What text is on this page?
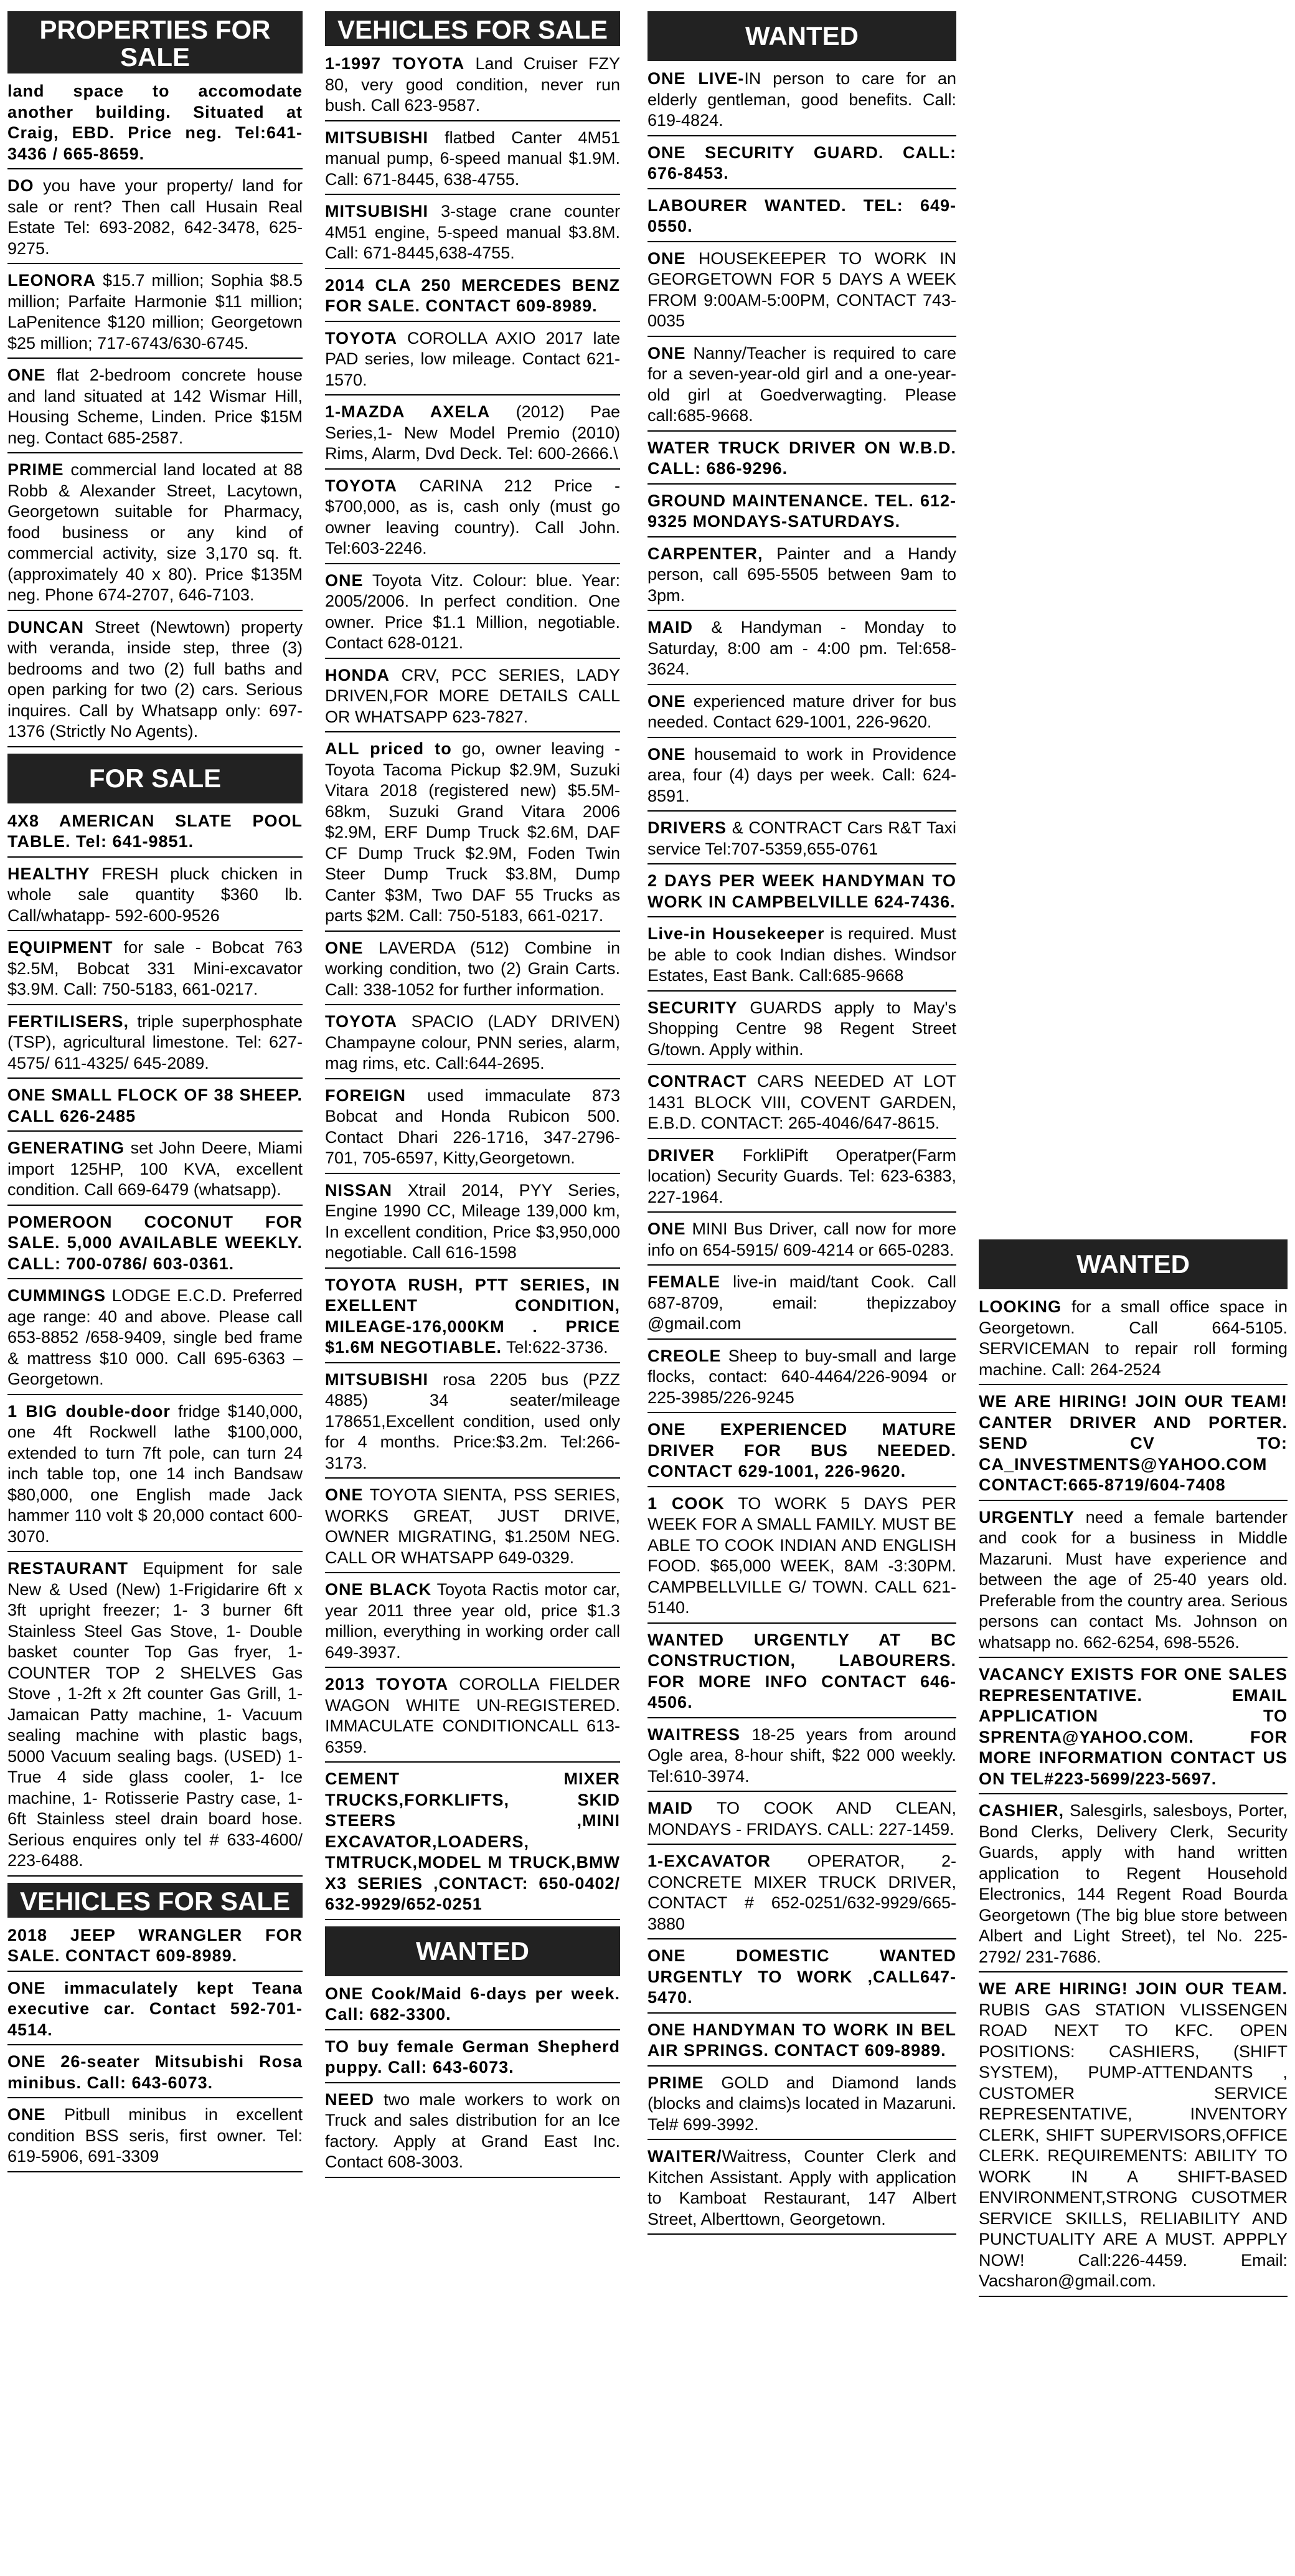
PROPERTIES FOR SALE
land space to accomodate another building. Situated at Craig, EBD. Price neg. Tel:641-3436 / 665-8659.
DO you have your property/ land for sale or rent? Then call Husain Real Estate Tel: 693-2082, 642-3478, 625-9275.
LEONORA $15.7 million; Sophia $8.5 million; Parfaite Harmonie $11 million; LaPenitence $120 million; Georgetown $25 million; 717-6743/630-6745.
ONE flat 2-bedroom concrete house and land situated at 142 Wismar Hill, Housing Scheme, Linden. Price $15M neg. Contact 685-2587.
PRIME commercial land located at 88 Robb & Alexander Street, Lacytown, Georgetown suitable for Pharmacy, food business or any kind of commercial activity, size 3,170 sq. ft. (approximately 40 x 80). Price $135M neg. Phone 674-2707, 646-7103.
DUNCAN Street (Newtown) property with veranda, inside step, three (3) bedrooms and two (2) full baths and open parking for two (2) cars. Serious inquires. Call by Whatsapp only: 697-1376 (Strictly No Agents).
FOR SALE
4X8 AMERICAN SLATE POOL TABLE. Tel: 641-9851.
HEALTHY FRESH pluck chicken in whole sale quantity $360 lb. Call/whatapp- 592-600-9526
EQUIPMENT for sale - Bobcat 763 $2.5M, Bobcat 331 Mini-excavator $3.9M. Call: 750-5183, 661-0217.
FERTILISERS, triple superphosphate (TSP), agricultural limestone. Tel: 627-4575/ 611-4325/ 645-2089.
ONE SMALL FLOCK OF 38 SHEEP. CALL 626-2485
GENERATING set John Deere, Miami import 125HP, 100 KVA, excellent condition. Call 669-6479 (whatsapp).
POMEROON COCONUT FOR SALE. 5,000 AVAILABLE WEEKLY. CALL: 700-0786/ 603-0361.
CUMMINGS LODGE E.C.D. Preferred age range: 40 and above. Please call 653-8852 /658-9409, single bed frame & mattress $10 000. Call 695-6363 – Georgetown.
1 BIG double-door fridge $140,000, one 4ft Rockwell lathe $100,000, extended to turn 7ft pole, can turn 24 inch table top, one 14 inch Bandsaw $80,000, one English made Jack hammer 110 volt $ 20,000 contact 600-3070.
RESTAURANT Equipment for sale New & Used (New) 1-Frigidarire 6ft x 3ft upright freezer; 1- 3 burner 6ft Stainless Steel Gas Stove, 1- Double basket counter Top Gas fryer, 1-COUNTER TOP 2 SHELVES Gas Stove , 1-2ft x 2ft counter Gas Grill, 1- Jamaican Patty machine, 1- Vacuum sealing machine with plastic bags, 5000 Vacuum sealing bags. (USED) 1-True 4 side glass cooler, 1- Ice machine, 1- Rotisserie Pastry case, 1- 6ft Stainless steel drain board hose. Serious enquires only tel # 633-4600/ 223-6488.
VEHICLES FOR SALE
2018 JEEP WRANGLER FOR SALE. CONTACT 609-8989.
ONE immaculately kept Teana executive car. Contact 592-701-4514.
ONE 26-seater Mitsubishi Rosa minibus. Call: 643-6073.
ONE Pitbull minibus in excellent condition BSS seris, first owner. Tel: 619-5906, 691-3309
VEHICLES FOR SALE
1-1997 TOYOTA Land Cruiser FZY 80, very good condition, never run bush. Call 623-9587.
MITSUBISHI flatbed Canter 4M51 manual pump, 6-speed manual $1.9M. Call: 671-8445, 638-4755.
MITSUBISHI 3-stage crane counter 4M51 engine, 5-speed manual $3.8M. Call: 671-8445,638-4755.
2014 CLA 250 MERCEDES BENZ FOR SALE. CONTACT 609-8989.
TOYOTA COROLLA AXIO 2017 late PAD series, low mileage. Contact 621-1570.
1-MAZDA AXELA (2012) Pae Series,1- New Model Premio (2010) Rims, Alarm, Dvd Deck. Tel: 600-2666.\
TOYOTA CARINA 212 Price - $700,000, as is, cash only (must go owner leaving country). Call John. Tel:603-2246.
ONE Toyota Vitz. Colour: blue. Year: 2005/2006. In perfect condition. One owner. Price $1.1 Million, negotiable. Contact 628-0121.
HONDA CRV, PCC SERIES, LADY DRIVEN,FOR MORE DETAILS CALL OR WHATSAPP 623-7827.
ALL priced to go, owner leaving - Toyota Tacoma Pickup $2.9M, Suzuki Vitara 2018 (registered new) $5.5M-68km, Suzuki Grand Vitara 2006 $2.9M, ERF Dump Truck $2.6M, DAF CF Dump Truck $2.9M, Foden Twin Steer Dump Truck $3.8M, Dump Canter $3M, Two DAF 55 Trucks as parts $2M. Call: 750-5183, 661-0217.
ONE LAVERDA (512) Combine in working condition, two (2) Grain Carts. Call: 338-1052 for further information.
TOYOTA SPACIO (LADY DRIVEN) Champayne colour, PNN series, alarm, mag rims, etc. Call:644-2695.
FOREIGN used immaculate 873 Bobcat and Honda Rubicon 500. Contact Dhari 226-1716, 347-2796-701, 705-6597, Kitty,Georgetown.
NISSAN Xtrail 2014, PYY Series, Engine 1990 CC, Mileage 139,000 km, In excellent condition, Price $3,950,000 negotiable. Call 616-1598
TOYOTA RUSH, PTT SERIES, IN EXELLENT CONDITION, MILEAGE-176,000KM . PRICE $1.6M NEGOTIABLE. Tel:622-3736.
MITSUBISHI rosa 2205 bus (PZZ 4885) 34 seater/mileage 178651,Excellent condition, used only for 4 months. Price:$3.2m. Tel:266-3173.
ONE TOYOTA SIENTA, PSS SERIES, WORKS GREAT, JUST DRIVE, OWNER MIGRATING, $1.250M NEG. CALL OR WHATSAPP 649-0329.
ONE BLACK Toyota Ractis motor car, year 2011 three year old, price $1.3 million, everything in working order call 649-3937.
2013 TOYOTA COROLLA FIELDER WAGON WHITE UN-REGISTERED. IMMACULATE CONDITIONCALL 613-6359.
CEMENT MIXER TRUCKS,FORKLIFTS, SKID STEERS ,MINI EXCAVATOR,LOADERS, TMTRUCK,MODEL M TRUCK,BMW X3 SERIES ,CONTACT: 650-0402/ 632-9929/652-0251
WANTED
ONE Cook/Maid 6-days per week. Call: 682-3300.
TO buy female German Shepherd puppy. Call: 643-6073.
NEED two male workers to work on Truck and sales distribution for an Ice factory. Apply at Grand East Inc. Contact 608-3003.
WANTED
ONE LIVE-IN person to care for an elderly gentleman, good benefits. Call: 619-4824.
ONE SECURITY GUARD. CALL: 676-8453.
LABOURER WANTED. TEL: 649-0550.
ONE HOUSEKEEPER TO WORK IN GEORGETOWN FOR 5 DAYS A WEEK FROM 9:00AM-5:00PM, CONTACT 743-0035
ONE Nanny/Teacher is required to care for a seven-year-old girl and a one-year-old girl at Goedverwagting. Please call:685-9668.
WATER TRUCK DRIVER ON W.B.D. CALL: 686-9296.
GROUND MAINTENANCE. TEL. 612-9325 MONDAYS-SATURDAYS.
CARPENTER, Painter and a Handy person, call 695-5505 between 9am to 3pm.
MAID & Handyman - Monday to Saturday, 8:00 am - 4:00 pm. Tel:658-3624.
ONE experienced mature driver for bus needed. Contact 629-1001, 226-9620.
ONE housemaid to work in Providence area, four (4) days per week. Call: 624-8591.
DRIVERS & CONTRACT Cars R&T Taxi service Tel:707-5359,655-0761
2 DAYS PER WEEK HANDYMAN TO WORK IN CAMPBELVILLE 624-7436.
Live-in Housekeeper is required. Must be able to cook Indian dishes. Windsor Estates, East Bank. Call:685-9668
SECURITY GUARDS apply to May's Shopping Centre 98 Regent Street G/town. Apply within.
CONTRACT CARS NEEDED AT LOT 1431 BLOCK VIII, COVENT GARDEN, E.B.D. CONTACT: 265-4046/647-8615.
DRIVER ForkliPift Operatper(Farm location) Security Guards. Tel: 623-6383, 227-1964.
ONE MINI Bus Driver, call now for more info on 654-5915/ 609-4214 or 665-0283.
FEMALE live-in maid/tant Cook. Call 687-8709, email: thepizzaboy @gmail.com
CREOLE Sheep to buy-small and large flocks, contact: 640-4464/226-9094 or 225-3985/226-9245
ONE EXPERIENCED MATURE DRIVER FOR BUS NEEDED. CONTACT 629-1001, 226-9620.
1 COOK TO WORK 5 DAYS PER WEEK FOR A SMALL FAMILY. MUST BE ABLE TO COOK INDIAN AND ENGLISH FOOD. $65,000 WEEK, 8AM -3:30PM. CAMPBELLVILLE G/ TOWN. CALL 621-5140.
WANTED URGENTLY AT BC CONSTRUCTION, LABOURERS. FOR MORE INFO CONTACT 646-4506.
WAITRESS 18-25 years from around Ogle area, 8-hour shift, $22 000 weekly. Tel:610-3974.
MAID TO COOK AND CLEAN, MONDAYS - FRIDAYS. CALL: 227-1459.
1-EXCAVATOR OPERATOR, 2- CONCRETE MIXER TRUCK DRIVER, CONTACT # 652-0251/632-9929/665-3880
ONE DOMESTIC WANTED URGENTLY TO WORK ,CALL647-5470.
ONE HANDYMAN TO WORK IN BEL AIR SPRINGS. CONTACT 609-8989.
PRIME GOLD and Diamond lands (blocks and claims)s located in Mazaruni. Tel# 699-3992.
WAITER/Waitress, Counter Clerk and Kitchen Assistant. Apply with application to Kamboat Restaurant, 147 Albert Street, Alberttown, Georgetown.
WANTED
LOOKING for a small office space in Georgetown. Call 664-5105. SERVICEMAN to repair roll forming machine. Call: 264-2524
WE ARE HIRING! JOIN OUR TEAM! CANTER DRIVER AND PORTER. SEND CV TO: CA_INVESTMENTS@YAHOO.COM CONTACT:665-8719/604-7408
URGENTLY need a female bartender and cook for a business in Middle Mazaruni. Must have experience and between the age of 25-40 years old. Preferable from the country area. Serious persons can contact Ms. Johnson on whatsapp no. 662-6254, 698-5526.
VACANCY EXISTS FOR ONE SALES REPRESENTATIVE. EMAIL APPLICATION TO SPRENTA@YAHOO.COM. FOR MORE INFORMATION CONTACT US ON TEL#223-5699/223-5697.
CASHIER, Salesgirls, salesboys, Porter, Bond Clerks, Delivery Clerk, Security Guards, apply with hand written application to Regent Household Electronics, 144 Regent Road Bourda Georgetown (The big blue store between Albert and Light Street), tel No. 225-2792/ 231-7686.
WE ARE HIRING! JOIN OUR TEAM. RUBIS GAS STATION VLISSENGEN ROAD NEXT TO KFC. OPEN POSITIONS: CASHIERS, (SHIFT SYSTEM), PUMP-ATTENDANTS , CUSTOMER SERVICE REPRESENTATIVE, INVENTORY CLERK, SHIFT SUPERVISORS,OFFICE CLERK. REQUIREMENTS: ABILITY TO WORK IN A SHIFT-BASED ENVIRONMENT,STRONG CUSOTMER SERVICE SKILLS, RELIABILITY AND PUNCTUALITY ARE A MUST. APPPLY NOW! Call:226-4459. Email: Vacsharon@gmail.com.
